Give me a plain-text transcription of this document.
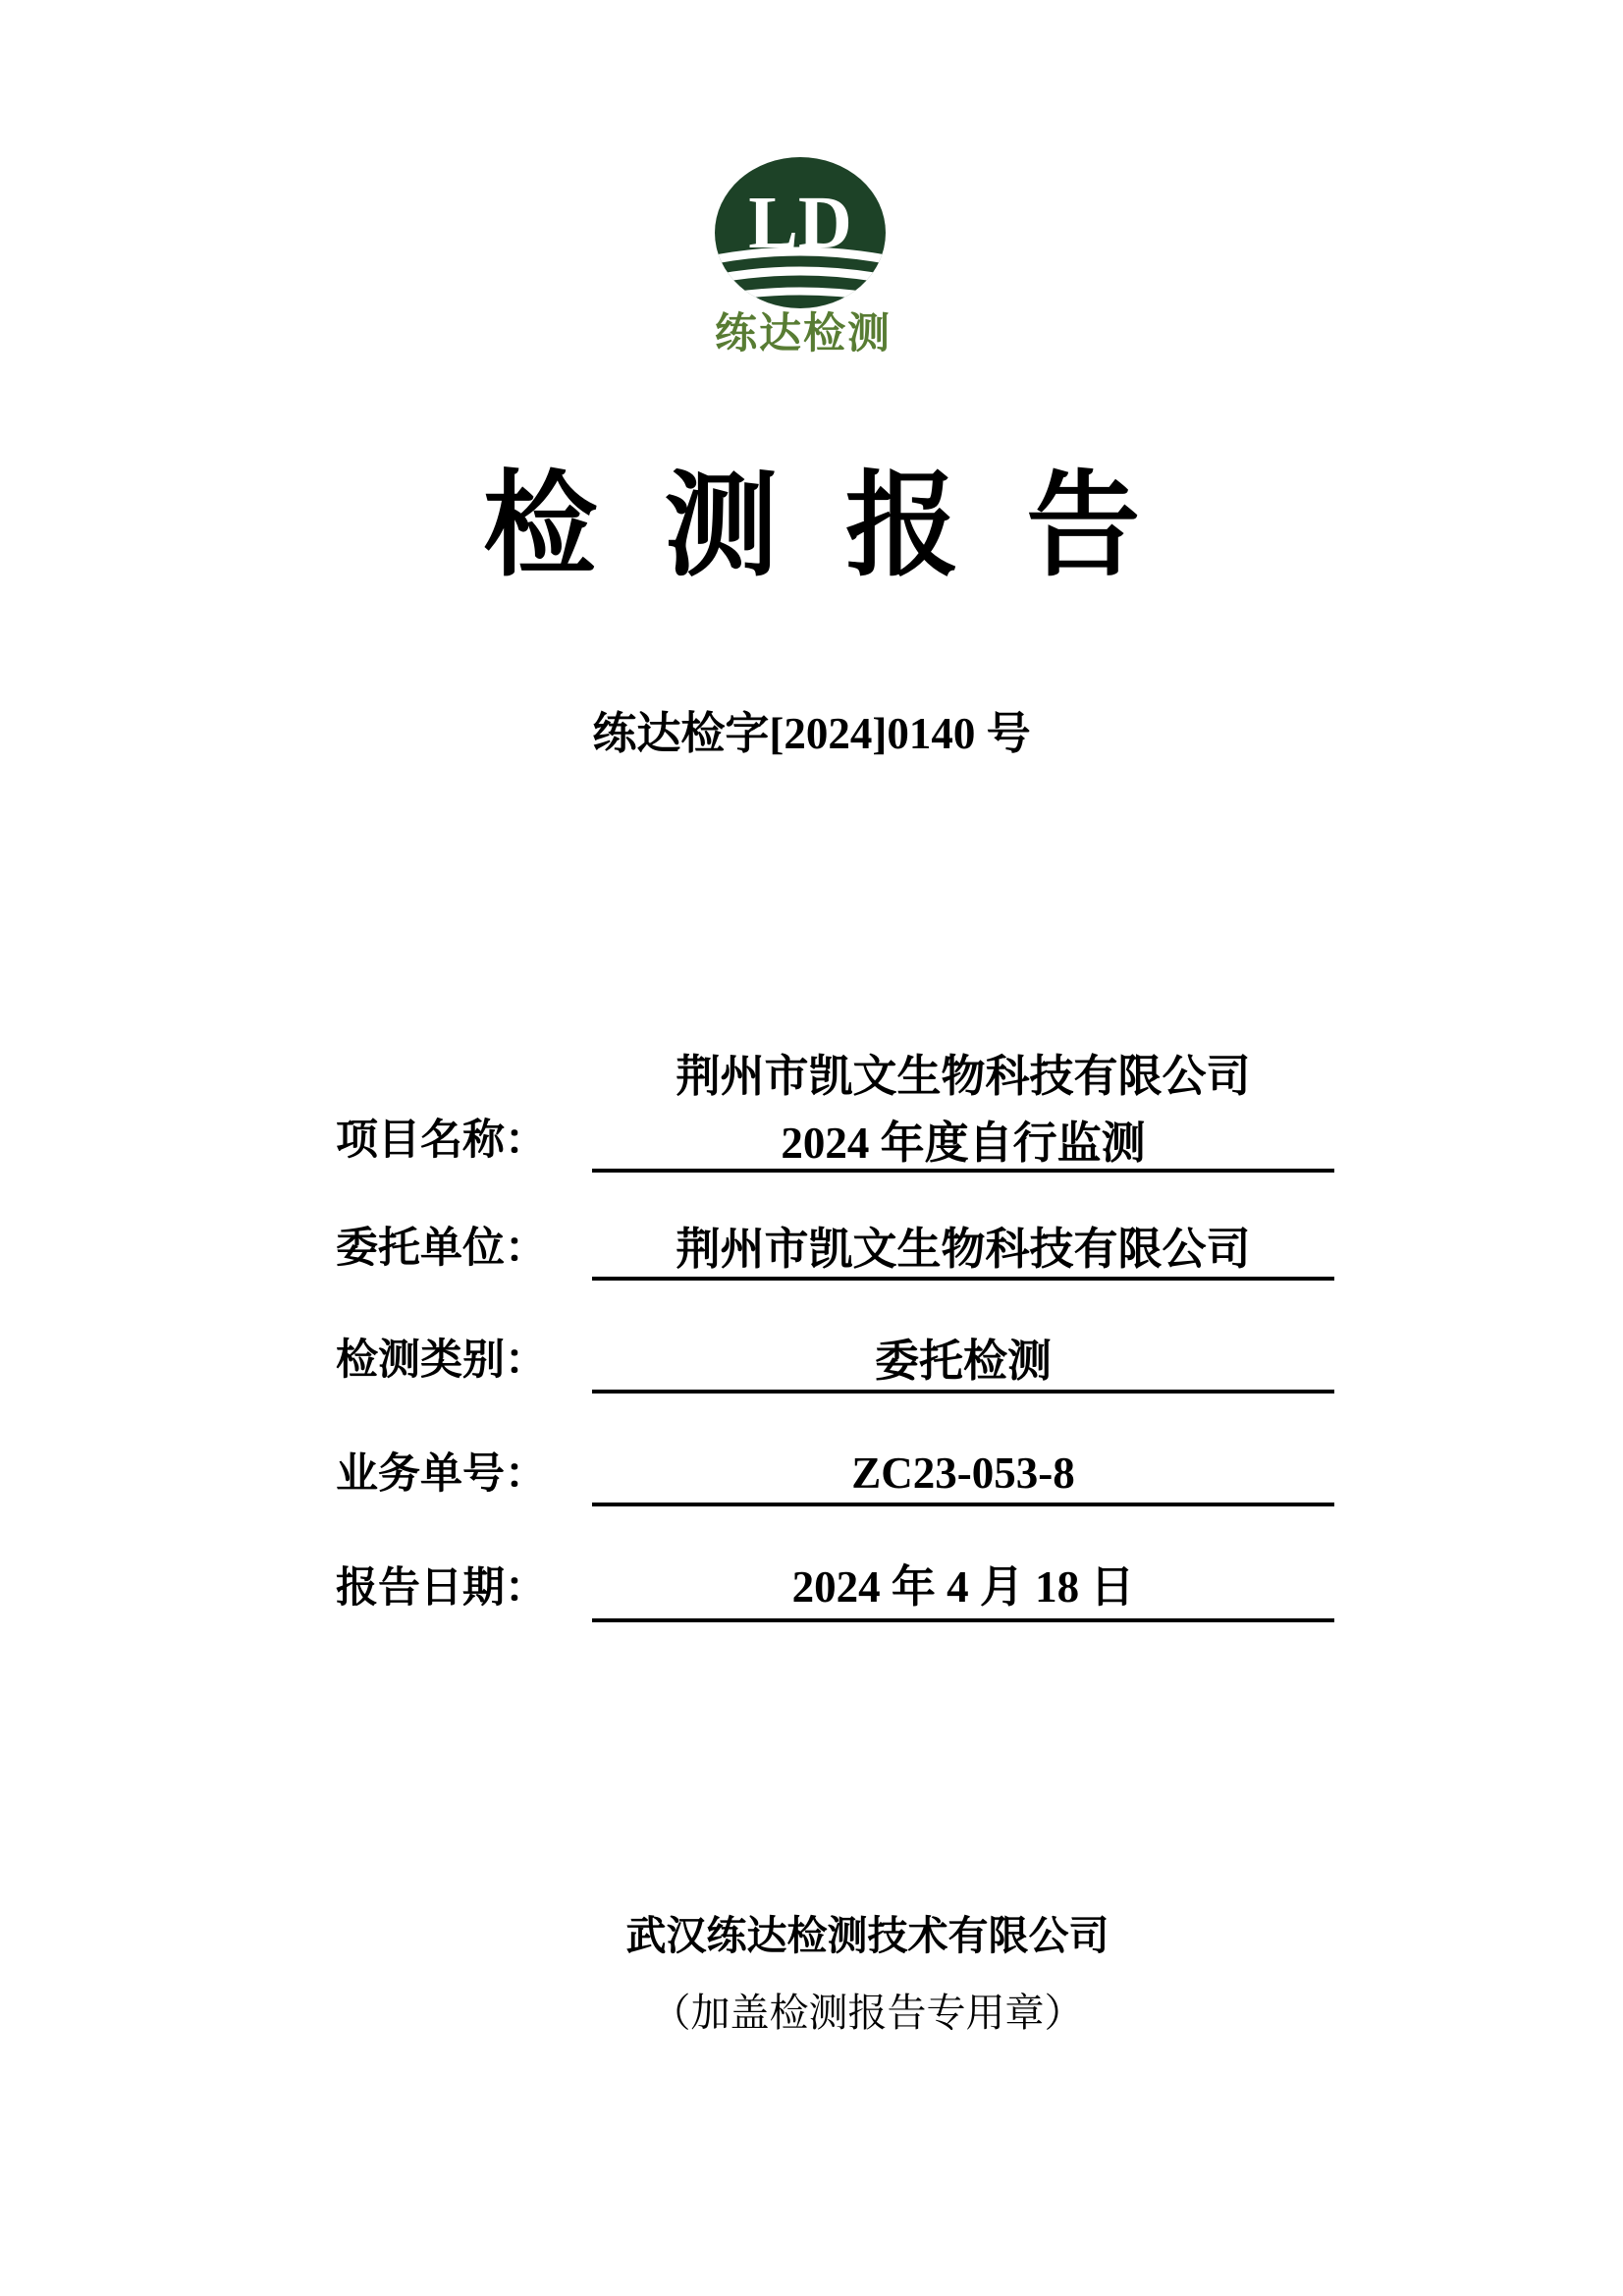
LD
练达检测
检 测 报 告
练达检字[2024]0140 号
项目名称：
荆州市凯文生物科技有限公司
2024 年度自行监测
委托单位：	荆州市凯文生物科技有限公司
检测类别：	委托检测
业务单号：	ZC23-053-8
报告日期：	2024 年 4 月 18 日
武汉练达检测技术有限公司
（加盖检测报告专用章）
